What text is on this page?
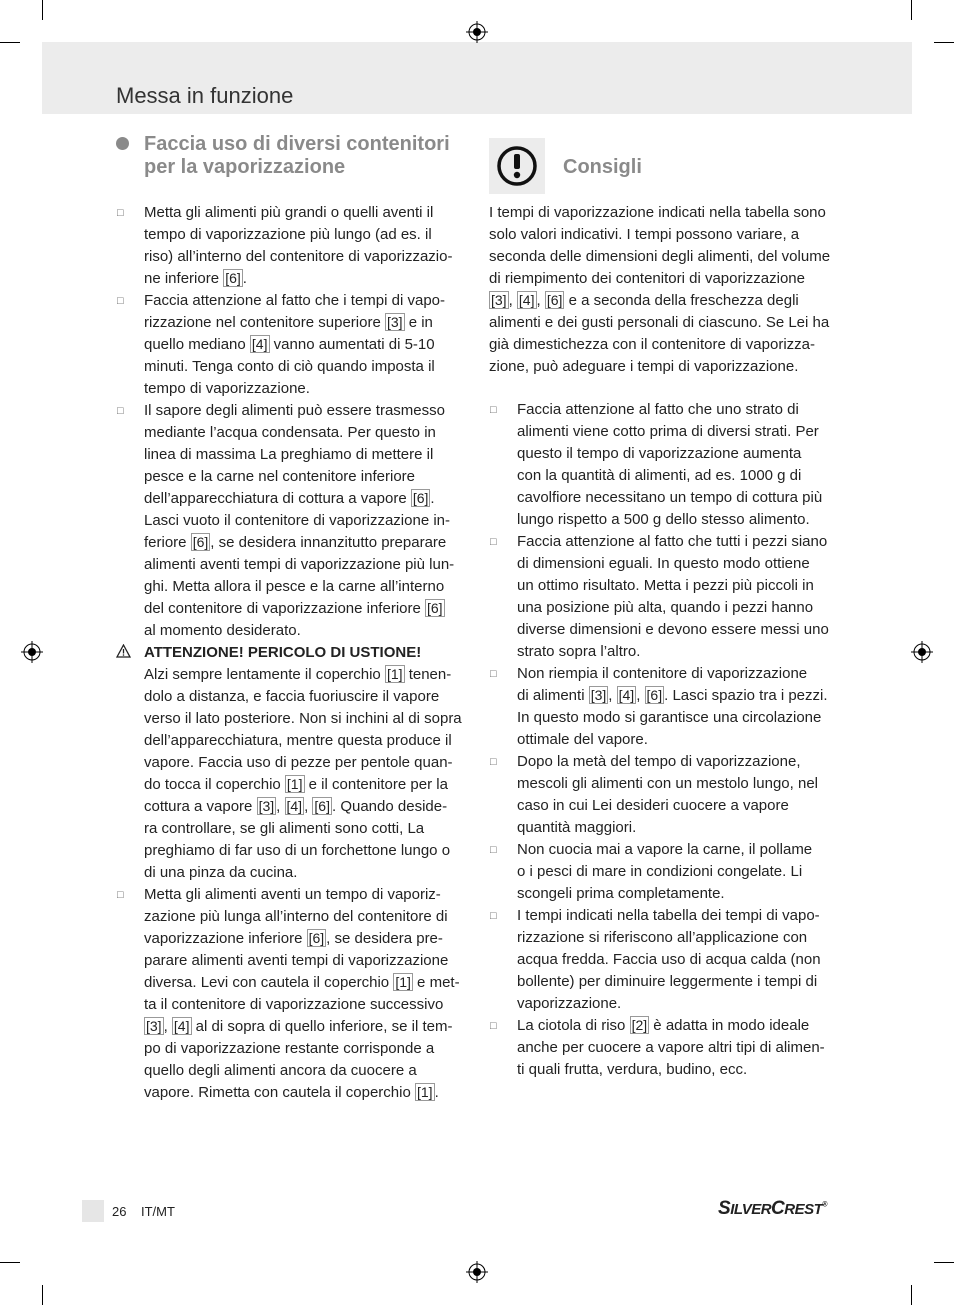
Messa in funzione
Faccia uso di diversi contenitori
per la vaporizzazione	Consigli
□ Metta gli alimenti più grandi o quelli aventi il
tempo di vaporizzazione più lungo (ad es. il
riso) all’interno del contenitore di vaporizzazio-
ne inferiore [6] .
□ Faccia attenzione al fatto che i tempi di vapo-
rizzazione nel contenitore superiore [3] e in
quello mediano [4] vanno aumentati di 5-10
minuti. Tenga conto di ciò quando imposta il
tempo di vaporizzazione.
□ Il sapore degli alimenti può essere trasmesso
mediante l’acqua condensata. Per questo in
linea di massima La preghiamo di mettere il
pesce e la carne nel contenitore inferiore
dell’apparecchiatura di cottura a vapore [6] .
Lasci vuoto il contenitore di vaporizzazione in-
feriore [6] , se desidera innanzitutto preparare
alimenti aventi tempi di vaporizzazione più lun-
ghi. Metta allora il pesce e la carne all’interno
del contenitore di vaporizzazione inferiore [6]
al momento desiderato.
ATTENZIONE! PERICOLO DI USTIONE!
Alzi sempre lentamente il coperchio [1] tenen-
dolo a distanza, e faccia fuoriuscire il vapore
verso il lato posteriore. Non si inchini al di sopra
dell’apparecchiatura, mentre questa produce il
vapore. Faccia uso di pezze per pentole quan-
do tocca il coperchio [1] e il contenitore per la
cottura a vapore [3] , [4] , [6] . Quando deside-
ra controllare, se gli alimenti sono cotti, La
preghiamo di far uso di un forchettone lungo o
di una pinza da cucina.
□ Metta gli alimenti aventi un tempo di vaporiz-
zazione più lunga all’interno del contenitore di
vaporizzazione inferiore [6] , se desidera pre-
parare alimenti aventi tempi di vaporizzazione
diversa. Levi con cautela il coperchio [1] e met-
ta il contenitore di vaporizzazione successivo
[3] , [4] al di sopra di quello inferiore, se il tem-
po di vaporizzazione restante corrisponde a
quello degli alimenti ancora da cuocere a
vapore. Rimetta con cautela il coperchio [1] .
I tempi di vaporizzazione indicati nella tabella sono
solo valori indicativi. I tempi possono variare, a
seconda delle dimensioni degli alimenti, del volume
di riempimento dei contenitori di vaporizzazione
[3] , [4] , [6] e a seconda della freschezza degli
alimenti e dei gusti personali di ciascuno. Se Lei ha
già dimestichezza con il contenitore di vaporizza-
zione, può adeguare i tempi di vaporizzazione.
□ Faccia attenzione al fatto che uno strato di
alimenti viene cotto prima di diversi strati. Per
questo il tempo di vaporizzazione aumenta
con la quantità di alimenti, ad es. 1000 g di
cavolfiore necessitano un tempo di cottura più
lungo rispetto a 500 g dello stesso alimento.
□ Faccia attenzione al fatto che tutti i pezzi siano
di dimensioni eguali. In questo modo ottiene
un ottimo risultato. Metta i pezzi più piccoli in
una posizione più alta, quando i pezzi hanno
diverse dimensioni e devono essere messi uno
strato sopra l’altro.
□ Non riempia il contenitore di vaporizzazione
di alimenti [3] , [4] , [6] . Lasci spazio tra i pezzi.
In questo modo si garantisce una circolazione
ottimale del vapore.
□ Dopo la metà del tempo di vaporizzazione,
mescoli gli alimenti con un mestolo lungo, nel
caso in cui Lei desideri cuocere a vapore
quantità maggiori.
□ Non cuocia mai a vapore la carne, il pollame
o i pesci di mare in condizioni congelate. Li
scongeli prima completamente.
□ I tempi indicati nella tabella dei tempi di vapo-
rizzazione si riferiscono all’applicazione con
acqua fredda. Faccia uso di acqua calda (non
bollente) per diminuire leggermente i tempi di
vaporizzazione.
□ La ciotola di riso [2] è adatta in modo ideale
anche per cuocere a vapore altri tipi di alimen-
ti quali frutta, verdura, budino, ecc.
26 IT/MT	SILVERCREST®
